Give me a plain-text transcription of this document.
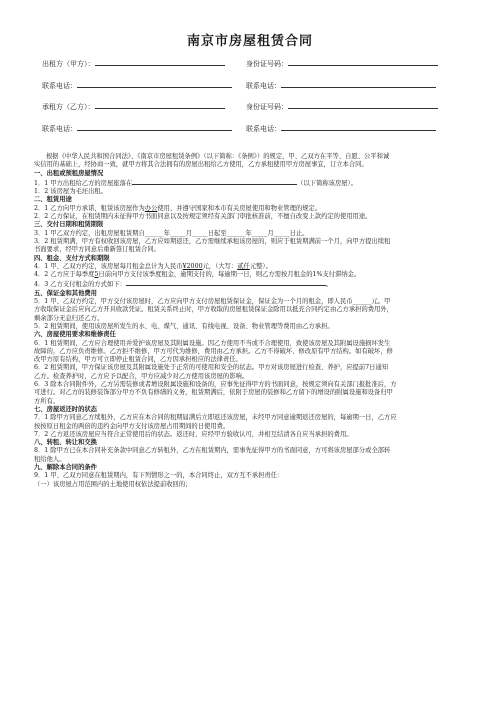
南京市房屋租赁合同
出租方（甲方）：	身份证号码：
联系电话：	联系电话：
承租方（乙方）：	身份证号码：
联系电话：	联系电话：

根据《中华人民共和国合同法》、《南京市房屋租赁条例》（以下简称：《条例》）的规定，甲、乙双方在平等、自愿、公平和诚

实信用的基础上，经协商一致，就甲方将其合法拥有的房屋出租给乙方使用，乙方承租使用甲方房屋事宜，订立本合同。

一、出租或预租房屋情况

1．1 甲方出租给乙方的房屋座落在	（以下简称该房屋）。

1．2 该房屋为毛坯出租。

二、租赁用途

2．1 乙方向甲方承诺，租赁该房屋作为办公使用，并遵守国家和本市有关房屋使用和物业管理的规定。

2．2 乙方保证，在租赁期内未征得甲方书面同意以及按规定须经有关部门审批核准前，不擅自改变上款约定的使用用途。

三、交付日期和租赁期限

3．1 甲乙双方约定，出租房屋租赁期自______年_____月_____日起至______年_____月_____日止。

3．2 租赁期满，甲方有权收回该房屋，乙方应如期返还，乙方需继续承租该房屋的，则应于租赁期满前一个月，向甲方提出续租

书面要求，经甲方同意后重新签订租赁合同。

四、租金、支付方式和期限

4．1 甲、乙双方约定，该房屋每月租金总计为人民币¥2000元，（大写：贰仟元整）。

4．2 乙方应于每季度5日前向甲方支付该季度租金，逾期支付的，每逾期一日，则乙方需按月租金的1%支付滞纳金。

4．3 乙方支付租金的方式如下：	。

五、保证金和其他费用

5．1 甲、乙双方约定，甲方交付该房屋时，乙方应向甲方支付房屋租赁保证金，保证金为一个月的租金，即人民币______元。甲

方收取保证金后应向乙方开具收款凭证。租赁关系终止时，甲方收取的房屋租赁保证金除用以抵充合同约定由乙方承担的费用外，

剩余部分无息归还乙方。

5．2 租赁期间，使用该房屋所发生的水、电、煤气、通讯、有线电视、设备、物业管理等费用由乙方承担。

六、房屋使用要求和维修责任

6．1 租赁期间，乙方应合理使用并爱护该房屋及其附属设施。因乙方使用不当或不合理使用，致使该房屋及其附属设施损坏发生

故障的，乙方应负责维修。乙方拒不维修，甲方可代为维修，费用由乙方承担。乙方不得破坏、修改原有甲方结构。如有破坏，修

改甲方原有结构，甲方可立即停止租赁合同，乙方因承担相应的法律责任。

6．2 租赁期间，甲方保证该房屋及其附属设施处于正常的可使用和安全的状态。甲方对该房屋进行检查、养护，应提前7日通知

乙方。检查养护时，乙方应予以配合，甲方应减少对乙方使用该房屋的影响。

6．3 除本合同附件外，乙方另需装修或者增设附属设施和设备的，应事先征得甲方的书面同意，按规定须向有关部门报批准后，方

可进行。对乙方的装修装饰部分甲方不负有修缮的义务，租赁期满后，依附于房屋的装修和乙方留下的增设的附属设施和设备归甲

方所有。

七、房屋返还时的状态

7．1 除甲方同意乙方续租外，乙方应在本合同的租期届满后立即返还该房屋，未经甲方同意逾期返还房屋的，每逾期一日，乙方应

按按原日租金的两倍的违约金向甲方支付该房屋占用期间的日使用费。

7．2 乙方返还该房屋应当符合正常使用后的状态。返还时，应经甲方验收认可，并相互结清各自应当承担的费用。

八、转租、转让和交换

8．1 除甲方已在本合同补充条款中同意乙方转租外，乙方在租赁期内，需事先征得甲方的书面同意，方可将该房屋部分或全部转

租给他人。

九、解除本合同的条件

9．1 甲、乙双方同意在租赁期内，有下列情形之一的，本合同终止，双方互不承担责任：

（一）该房屋占用范围内的土地使用权依法提前收回的；
